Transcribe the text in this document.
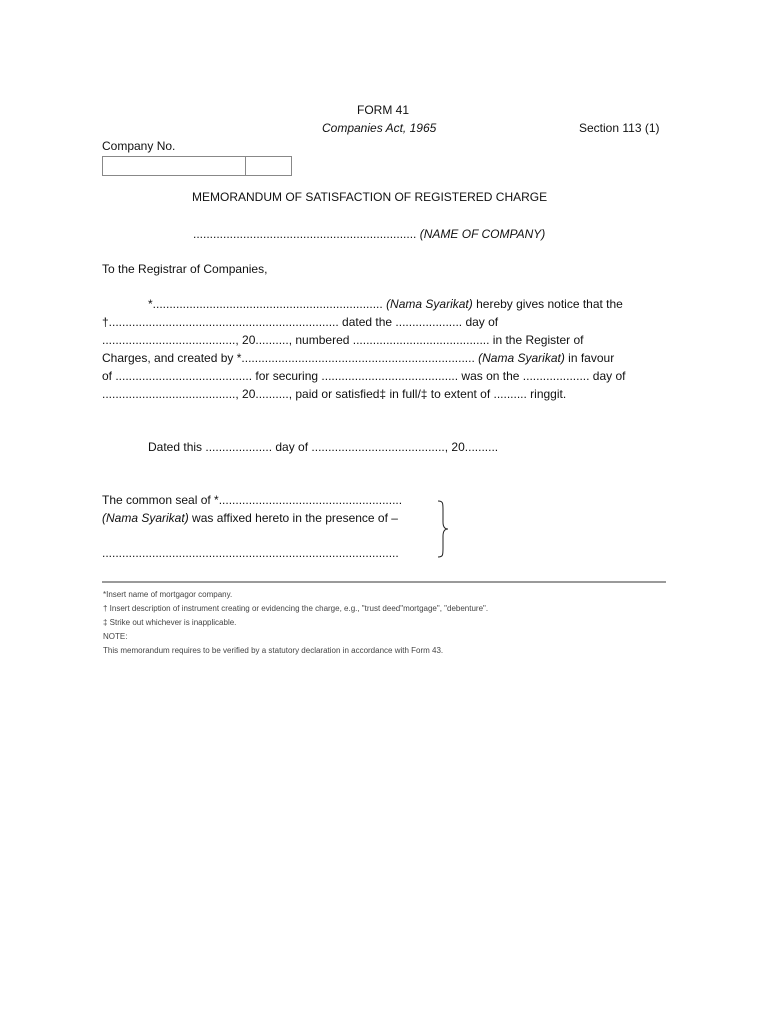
FORM 41
Companies Act, 1965	Section 113 (1)
Company No.
MEMORANDUM OF SATISFACTION OF REGISTERED CHARGE
................................................................... (NAME OF COMPANY)
To the Registrar of Companies,
*..................................................................... (Nama Syarikat) hereby gives notice that the
†..................................................................... dated the .................... day of
........................................, 20.........., numbered ......................................... in the Register of
Charges, and created by *...................................................................... (Nama Syarikat) in favour
of ......................................... for securing ......................................... was on the .................... day of
........................................, 20.........., paid or satisfied‡ in full/‡ to extent of .......... ringgit.
Dated this .................... day of ........................................, 20..........
The common seal of *.......................................................
(Nama Syarikat) was affixed hereto in the presence of –
.........................................................................................
*Insert name of mortgagor company.
† Insert description of instrument creating or evidencing the charge, e.g., "trust deed"mortgage", "debenture".
‡ Strike out whichever is inapplicable.
NOTE:
This memorandum requires to be verified by a statutory declaration in accordance with Form 43.
